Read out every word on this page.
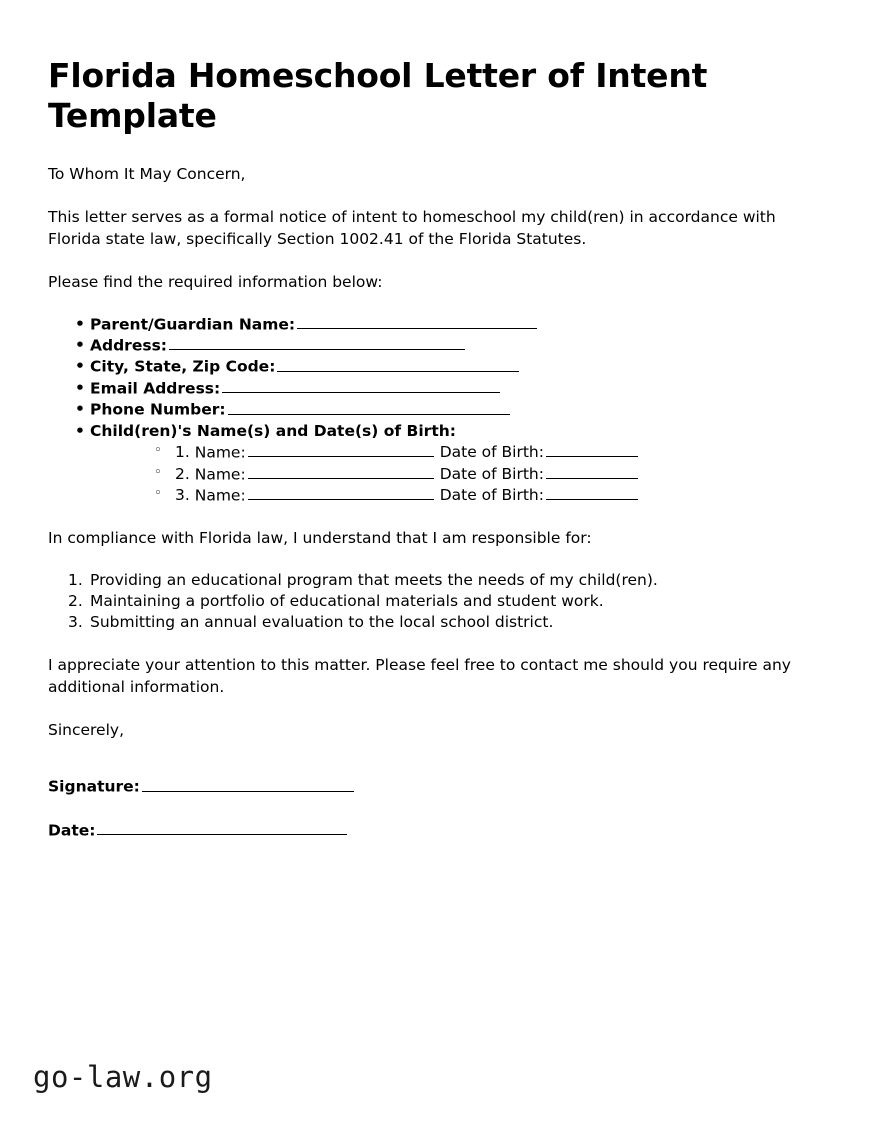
Florida Homeschool Letter of Intent Template

To Whom It May Concern,

This letter serves as a formal notice of intent to homeschool my child(ren) in accordance with Florida state law, specifically Section 1002.41 of the Florida Statutes.

Please find the required information below:

• Parent/Guardian Name:
• Address:
• City, State, Zip Code:
• Email Address:
• Phone Number:
• Child(ren)'s Name(s) and Date(s) of Birth:
◦ 1. Name:	Date of Birth:
◦ 2. Name:	Date of Birth:
◦ 3. Name:	Date of Birth:

In compliance with Florida law, I understand that I am responsible for:

1. Providing an educational program that meets the needs of my child(ren).
2. Maintaining a portfolio of educational materials and student work.
3. Submitting an annual evaluation to the local school district.

I appreciate your attention to this matter. Please feel free to contact me should you require any additional information.

Sincerely,

Signature:
Date:
go-law.org
